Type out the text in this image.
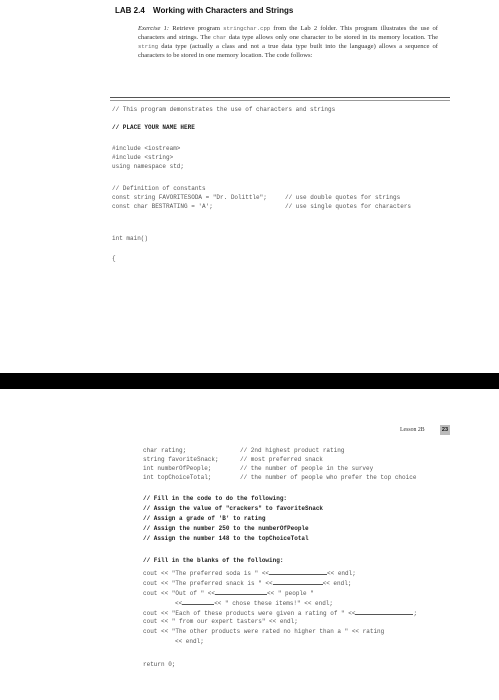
LAB 2.4 Working with Characters and Strings
Exercise 1: Retrieve program stringchar.cpp from the Lab 2 folder. This program illustrates the use of characters and strings. The char data type allows only one character to be stored in its memory location. The string data type (actually a class and not a true data type built into the language) allows a sequence of characters to be stored in one memory location. The code follows:
// This program demonstrates the use of characters and strings
// PLACE YOUR NAME HERE
#include <iostream>
#include <string>
using namespace std;
// Definition of constants
const string FAVORITESODA = "Dr. Dolittle";	// use double quotes for strings
const char BESTRATING = 'A';	// use single quotes for characters
int main()
{
Lesson 2B	23
char rating;	// 2nd highest product rating
string favoriteSnack;	// most preferred snack
int numberOfPeople;	// the number of people in the survey
int topChoiceTotal;	// the number of people who prefer the top choice
// Fill in the code to do the following:
// Assign the value of "crackers" to favoriteSnack
// Assign a grade of 'B' to rating
// Assign the number 250 to the numberOfPeople
// Assign the number 148 to the topChoiceTotal
// Fill in the blanks of the following:
cout << "The preferred soda is " <<	<< endl;
cout << "The preferred snack is " <<	<< endl;
cout << "Out of " <<	<< " people "
<<	<< " chose these items!" << endl;
cout << "Each of these products were given a rating of " <<	;
cout << " from our expert tasters" << endl;
cout << "The other products were rated no higher than a " << rating
<< endl;
return 0;
